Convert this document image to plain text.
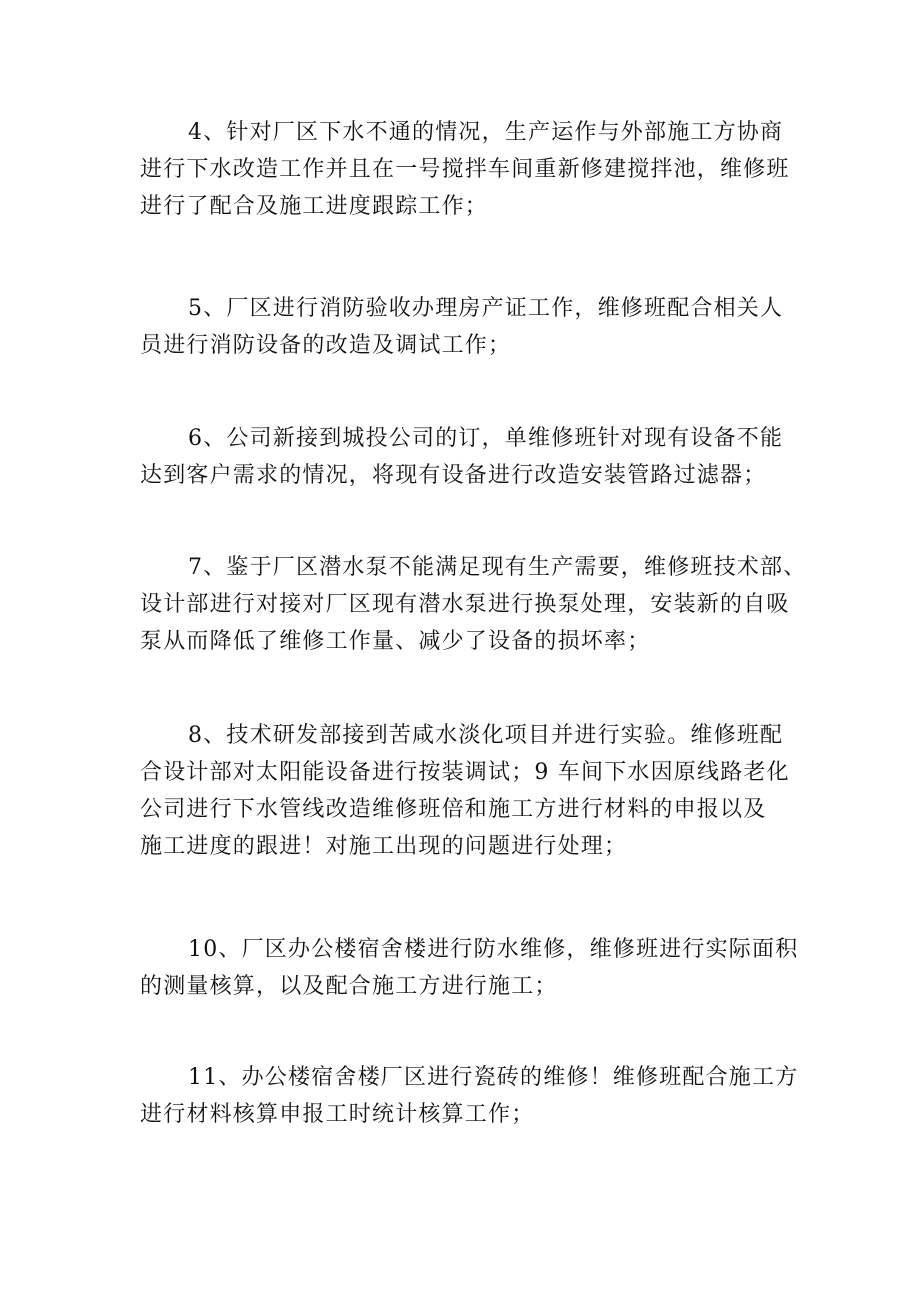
4、针对厂区下水不通的情况，生产运作与外部施工方协商
进行下水改造工作并且在一号搅拌车间重新修建搅拌池，维修班
进行了配合及施工进度跟踪工作；
5、厂区进行消防验收办理房产证工作，维修班配合相关人
员进行消防设备的改造及调试工作；
6、公司新接到城投公司的订，单维修班针对现有设备不能
达到客户需求的情况，将现有设备进行改造安装管路过滤器；
7、鉴于厂区潜水泵不能满足现有生产需要，维修班技术部、
设计部进行对接对厂区现有潜水泵进行换泵处理，安装新的自吸
泵从而降低了维修工作量、减少了设备的损坏率；
8、技术研发部接到苦咸水淡化项目并进行实验。维修班配
合设计部对太阳能设备进行按装调试；9 车间下水因原线路老化
公司进行下水管线改造维修班倍和施工方进行材料的申报以及
施工进度的跟进！对施工出现的问题进行处理；
10、厂区办公楼宿舍楼进行防水维修，维修班进行实际面积
的测量核算，以及配合施工方进行施工；
11、办公楼宿舍楼厂区进行瓷砖的维修！维修班配合施工方
进行材料核算申报工时统计核算工作；
